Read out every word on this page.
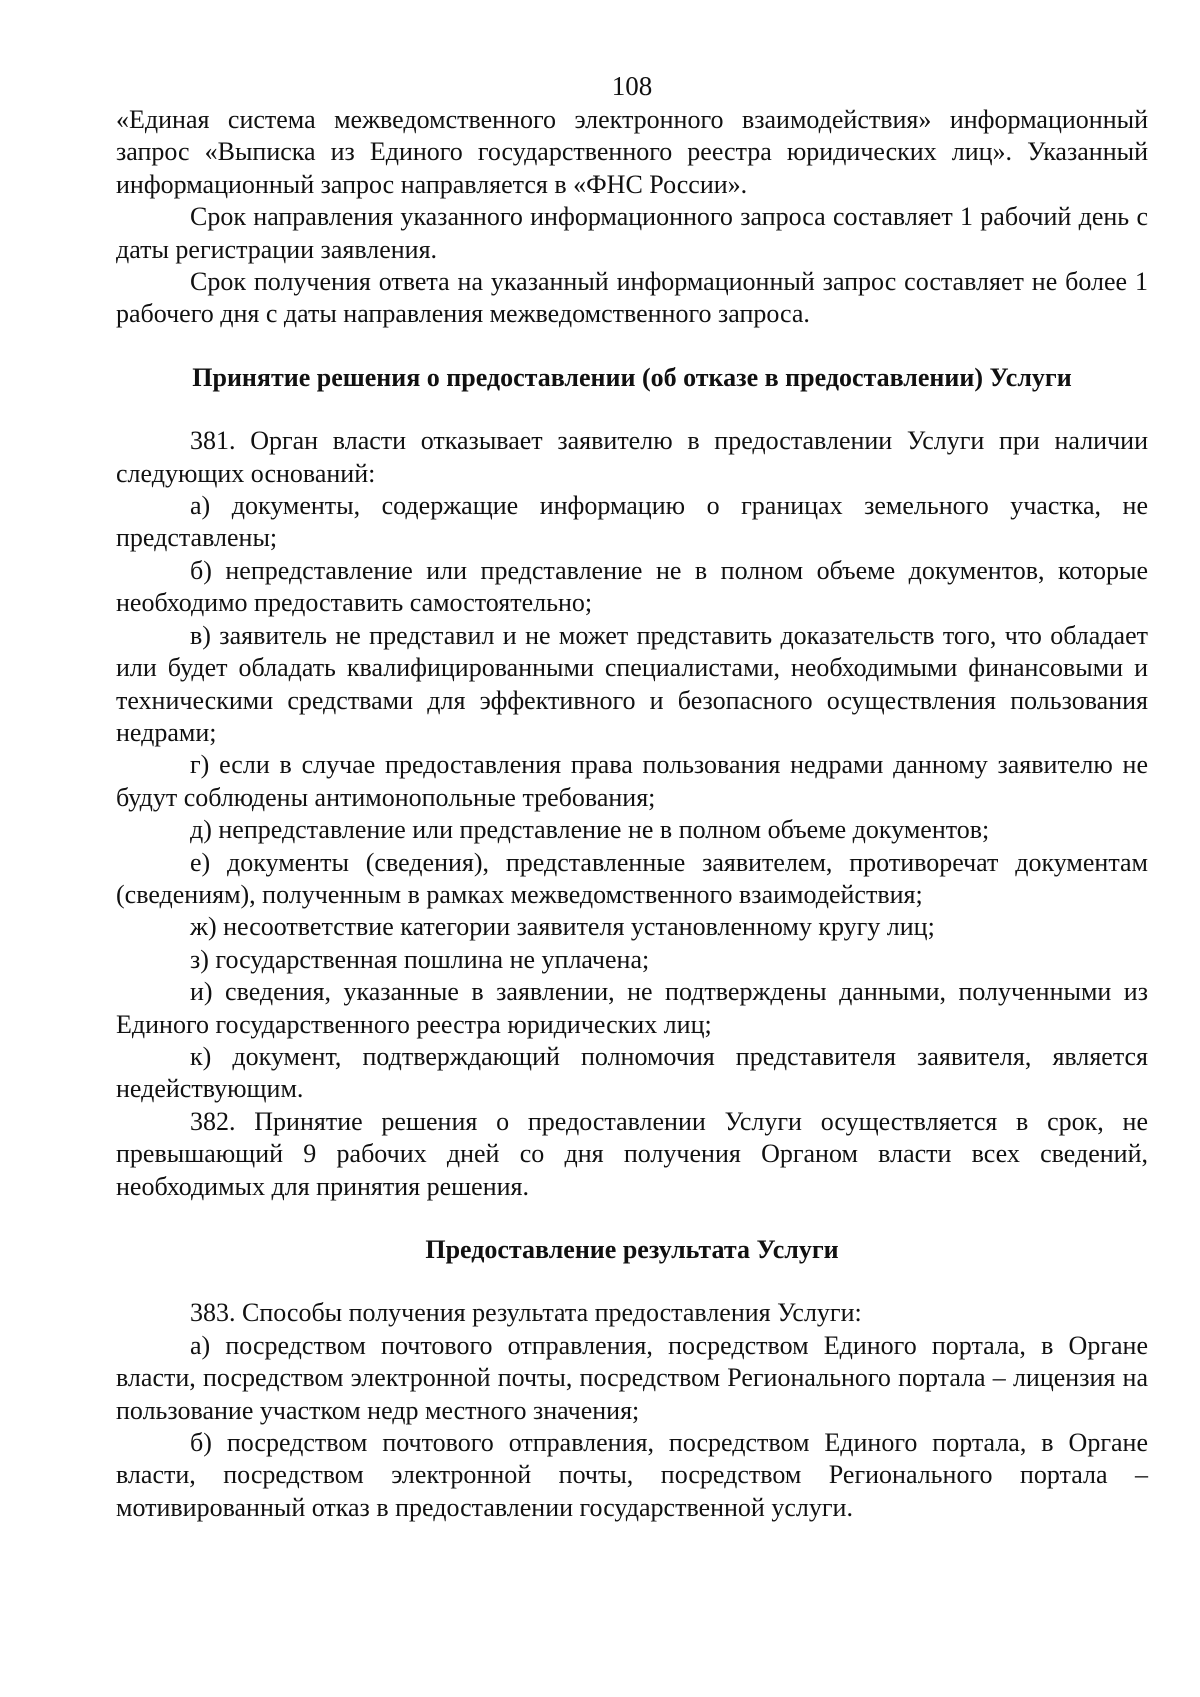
108

«Единая система межведомственного электронного взаимодействия» информационный запрос «Выписка из Единого государственного реестра юридических лиц». Указанный информационный запрос направляется в «ФНС России».

Срок направления указанного информационного запроса составляет 1 рабочий день с даты регистрации заявления.

Срок получения ответа на указанный информационный запрос составляет не более 1 рабочего дня с даты направления межведомственного запроса.

Принятие решения о предоставлении (об отказе в предоставлении) Услуги

381. Орган власти отказывает заявителю в предоставлении Услуги при наличии следующих оснований:

а) документы, содержащие информацию о границах земельного участка, не представлены;

б) непредставление или представление не в полном объеме документов, которые необходимо предоставить самостоятельно;

в) заявитель не представил и не может представить доказательств того, что обладает или будет обладать квалифицированными специалистами, необходимыми финансовыми и техническими средствами для эффективного и безопасного осуществления пользования недрами;

г) если в случае предоставления права пользования недрами данному заявителю не будут соблюдены антимонопольные требования;

д) непредставление или представление не в полном объеме документов;

е) документы (сведения), представленные заявителем, противоречат документам (сведениям), полученным в рамках межведомственного взаимодействия;

ж) несоответствие категории заявителя установленному кругу лиц;

з) государственная пошлина не уплачена;

и) сведения, указанные в заявлении, не подтверждены данными, полученными из Единого государственного реестра юридических лиц;

к) документ, подтверждающий полномочия представителя заявителя, является недействующим.

382. Принятие решения о предоставлении Услуги осуществляется в срок, не превышающий 9 рабочих дней со дня получения Органом власти всех сведений, необходимых для принятия решения.

Предоставление результата Услуги

383. Способы получения результата предоставления Услуги:

а) посредством почтового отправления, посредством Единого портала, в Органе власти, посредством электронной почты, посредством Регионального портала – лицензия на пользование участком недр местного значения;

б) посредством почтового отправления, посредством Единого портала, в Органе власти, посредством электронной почты, посредством Регионального портала – мотивированный отказ в предоставлении государственной услуги.
